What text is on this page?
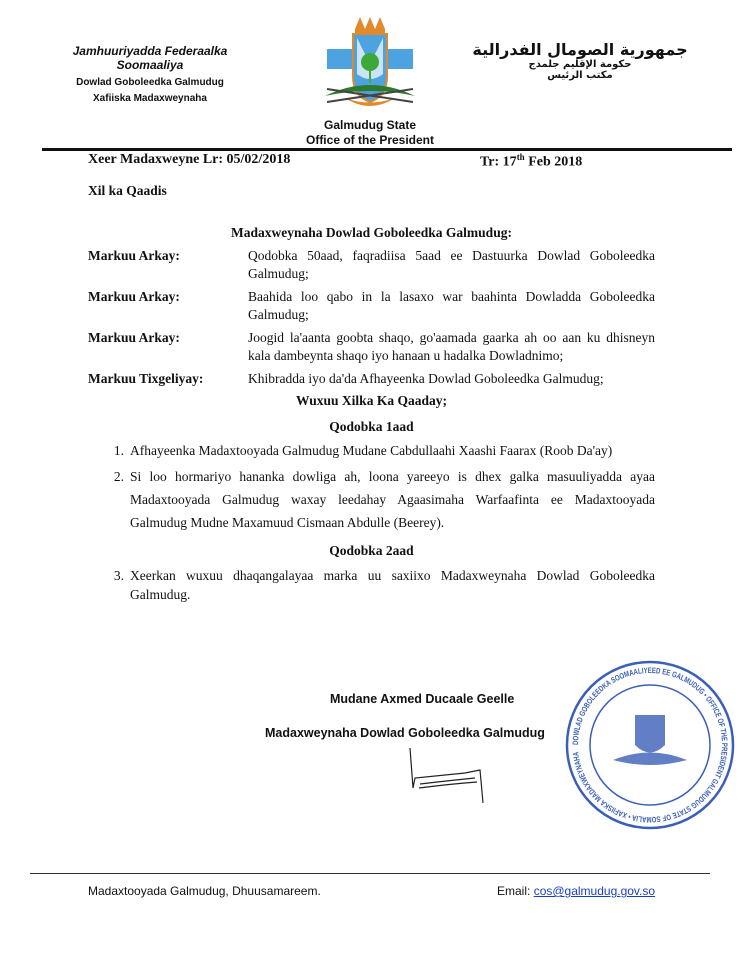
Jamhuuriyadda Federaalka Soomaaliya
Dowlad Goboleedka Galmudug
Xafiiska Madaxweynaha
جمهورية الصومال الفدرالية
حكومة الإقليم جلمدج
مكتب الرئيس
Galmudug State
Office of the President
Xeer Madaxweyne Lr: 05/02/2018	Tr: 17th Feb 2018
Xil ka Qaadis
Madaxweynaha Dowlad Goboleedka Galmudug:
Markuu Arkay:	Qodobka 50aad, faqradiisa 5aad ee Dastuurka Dowlad Goboleedka Galmudug;
Markuu Arkay:	Baahida loo qabo in la lasaxo war baahinta Dowladda Goboleedka Galmudug;
Markuu Arkay:	Joogid la'aanta goobta shaqo, go'aamada gaarka ah oo aan ku dhisneyn kala dambeynta shaqo iyo hanaan u hadalka Dowladnimo;
Markuu Tixgeliyay:	Khibradda iyo da'da Afhayeenka Dowlad Goboleedka Galmudug;
Wuxuu Xilka Ka Qaaday;
Qodobka 1aad
1. Afhayeenka Madaxtooyada Galmudug Mudane Cabdullaahi Xaashi Faarax (Roob Da'ay)
2. Si loo hormariyo hananka dowliga ah, loona yareeyo is dhex galka masuuliyadda ayaa Madaxtooyada Galmudug waxay leedahay Agaasimaha Warfaafinta ee Madaxtooyada Galmudug Mudne Maxamuud Cismaan Abdulle (Beerey).
Qodobka 2aad
3. Xeerkan wuxuu dhaqangalayaa marka uu saxiixo Madaxweynaha Dowlad Goboleedka Galmudug.
DOWLAD GOBOLEEDKA SOOMAALIYEED EE GALMUDUG • OFFICE OF THE PRESIDENT GALMUDUG STATE OF SOMALIA • XAFIISKA MADAXWEYNAHA
Mudane Axmed Ducaale Geelle
Madaxweynaha Dowlad Goboleedka Galmudug
Madaxtooyada Galmudug, Dhuusamareem.	Email: cos@galmudug.gov.so
